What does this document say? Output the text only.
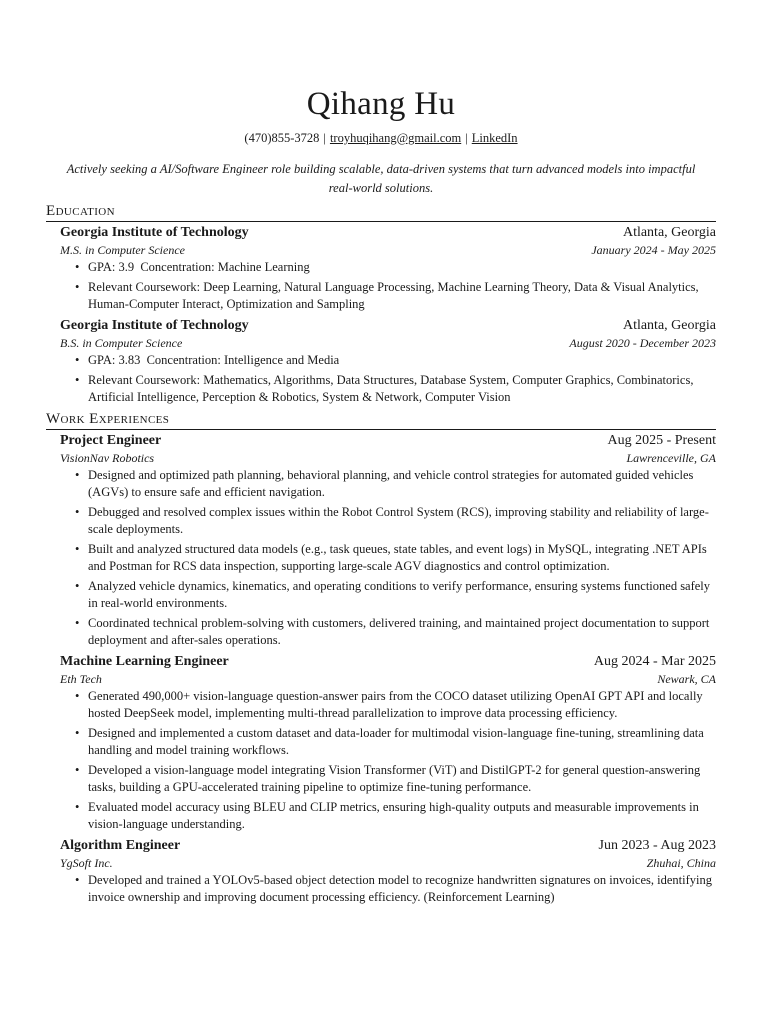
Qihang Hu
(470)855-3728 | troyhuqihang@gmail.com | LinkedIn
Actively seeking a AI/Software Engineer role building scalable, data-driven systems that turn advanced models into impactful real-world solutions.
Education
Georgia Institute of Technology	Atlanta, Georgia
M.S. in Computer Science	January 2024 - May 2025
• GPA: 3.9  Concentration: Machine Learning
• Relevant Coursework: Deep Learning, Natural Language Processing, Machine Learning Theory, Data & Visual Analytics, Human-Computer Interact, Optimization and Sampling
Georgia Institute of Technology	Atlanta, Georgia
B.S. in Computer Science	August 2020 - December 2023
• GPA: 3.83  Concentration: Intelligence and Media
• Relevant Coursework: Mathematics, Algorithms, Data Structures, Database System, Computer Graphics, Combinatorics, Artificial Intelligence, Perception & Robotics, System & Network, Computer Vision
Work Experiences
Project Engineer	Aug 2025 - Present
VisionNav Robotics	Lawrenceville, GA
• Designed and optimized path planning, behavioral planning, and vehicle control strategies for automated guided vehicles (AGVs) to ensure safe and efficient navigation.
• Debugged and resolved complex issues within the Robot Control System (RCS), improving stability and reliability of large-scale deployments.
• Built and analyzed structured data models (e.g., task queues, state tables, and event logs) in MySQL, integrating .NET APIs and Postman for RCS data inspection, supporting large-scale AGV diagnostics and control optimization.
• Analyzed vehicle dynamics, kinematics, and operating conditions to verify performance, ensuring systems functioned safely in real-world environments.
• Coordinated technical problem-solving with customers, delivered training, and maintained project documentation to support deployment and after-sales operations.
Machine Learning Engineer	Aug 2024 - Mar 2025
Eth Tech	Newark, CA
• Generated 490,000+ vision-language question-answer pairs from the COCO dataset utilizing OpenAI GPT API and locally hosted DeepSeek model, implementing multi-thread parallelization to improve data processing efficiency.
• Designed and implemented a custom dataset and data-loader for multimodal vision-language fine-tuning, streamlining data handling and model training workflows.
• Developed a vision-language model integrating Vision Transformer (ViT) and DistilGPT-2 for general question-answering tasks, building a GPU-accelerated training pipeline to optimize fine-tuning performance.
• Evaluated model accuracy using BLEU and CLIP metrics, ensuring high-quality outputs and measurable improvements in vision-language understanding.
Algorithm Engineer	Jun 2023 - Aug 2023
YgSoft Inc.	Zhuhai, China
• Developed and trained a YOLOv5-based object detection model to recognize handwritten signatures on invoices, identifying invoice ownership and improving document processing efficiency. (Reinforcement Learning)
